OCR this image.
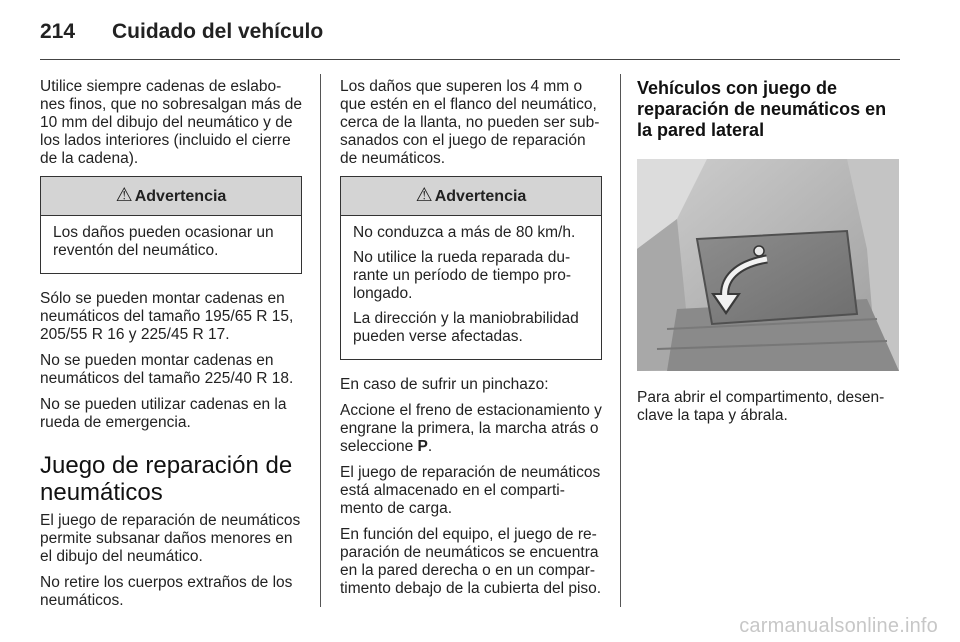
214 Cuidado del vehículo

Utilice siempre cadenas de eslabo-nes finos, que no sobresalgan más de 10 mm del dibujo del neumático y de los lados interiores (incluido el cierre de la cadena).

⚠ Advertencia

Los daños pueden ocasionar un reventón del neumático.

Sólo se pueden montar cadenas en neumáticos del tamaño 195/65 R 15, 205/55 R 16 y 225/45 R 17.

No se pueden montar cadenas en neumáticos del tamaño 225/40 R 18.

No se pueden utilizar cadenas en la rueda de emergencia.

Juego de reparación de neumáticos

El juego de reparación de neumáticos permite subsanar daños menores en el dibujo del neumático.

No retire los cuerpos extraños de los neumáticos.

Los daños que superen los 4 mm o que estén en el flanco del neumático, cerca de la llanta, no pueden ser sub-sanados con el juego de reparación de neumáticos.

⚠ Advertencia

No conduzca a más de 80 km/h.

No utilice la rueda reparada du-rante un período de tiempo pro-longado.

La dirección y la maniobrabilidad pueden verse afectadas.

En caso de sufrir un pinchazo:

Accione el freno de estacionamiento y engrane la primera, la marcha atrás o seleccione P.

El juego de reparación de neumáticos está almacenado en el comparti-mento de carga.

En función del equipo, el juego de re-paración de neumáticos se encuentra en la pared derecha o en un compar-timento debajo de la cubierta del piso.

Vehículos con juego de reparación de neumáticos en la pared lateral

Para abrir el compartimento, desen-clave la tapa y ábrala.

carmanualsonline.info
